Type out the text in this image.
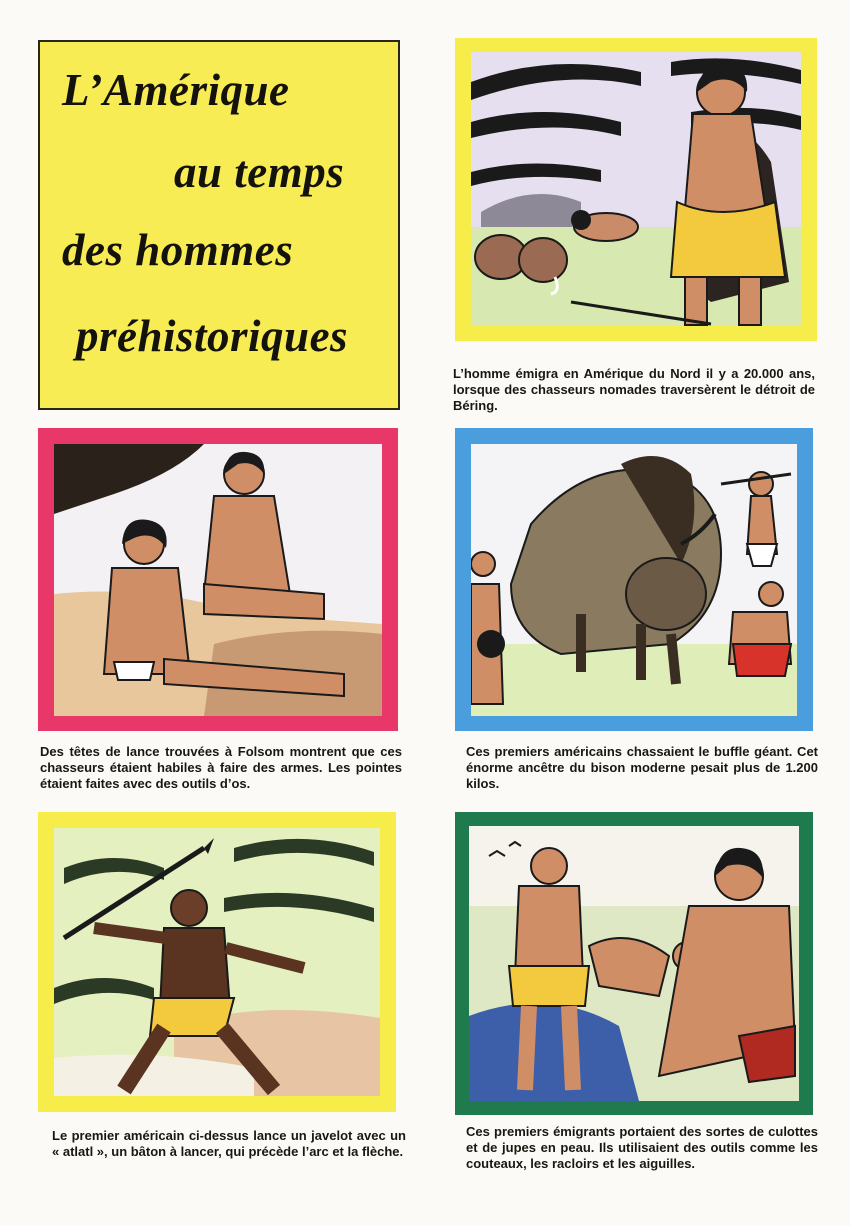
L’Amérique
au temps
des hommes
préhistoriques
L’homme émigra en Amérique du Nord il y a 20.000 ans, lorsque des chasseurs nomades traversèrent le détroit de Béring.
Des têtes de lance trouvées à Folsom montrent que ces chasseurs étaient habiles à faire des armes. Les pointes étaient faites avec des outils d’os.
Ces premiers américains chassaient le buffle géant. Cet énorme ancêtre du bison moderne pesait plus de 1.200 kilos.
Le premier américain ci-dessus lance un javelot avec un « atlatl », un bâton à lancer, qui précède l’arc et la flèche.
Ces premiers émigrants portaient des sortes de culottes et de jupes en peau. Ils utilisaient des outils comme les couteaux, les racloirs et les aiguilles.
